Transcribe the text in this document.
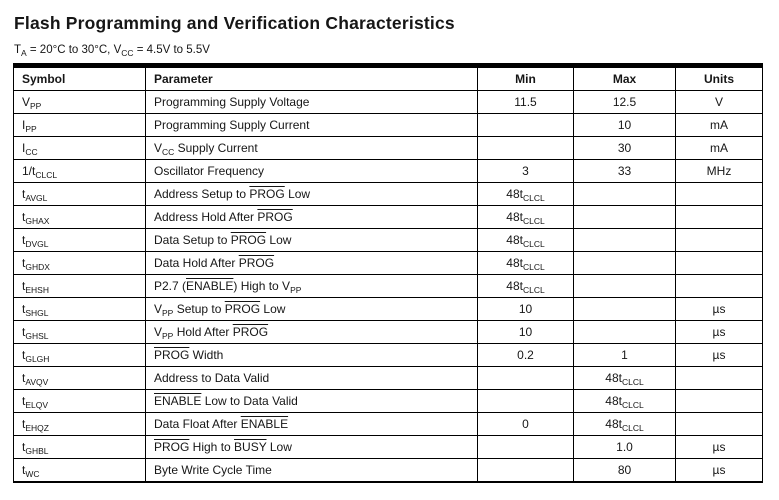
Flash Programming and Verification Characteristics
$T_A = 20^\circ C$ to 30°C, $V_{CC} = 4.5V$ to 5.5V
Symbol	Parameter	Min	Max	Units
$V_{PP}$	Programming Supply Voltage	11.5	12.5	V
$I_{PP}$	Programming Supply Current		10	mA
$I_{CC}$	$V_{CC}$ Supply Current		30	mA
$1/t_{CLCL}$	Oscillator Frequency	3	33	MHz
$t_{AVGL}$	Address Setup to PROG Low	$48t_{CLCL}$		
$t_{GHAX}$	Address Hold After PROG	$48t_{CLCL}$		
$t_{DVGL}$	Data Setup to PROG Low	$48t_{CLCL}$		
$t_{GHDX}$	Data Hold After PROG	$48t_{CLCL}$		
$t_{EHSH}$	P2.7 (ENABLE) High to $V_{PP}$	$48t_{CLCL}$		
$t_{SHGL}$	$V_{PP}$ Setup to PROG Low	10		µs
$t_{GHSL}$	$V_{PP}$ Hold After PROG	10		µs
$t_{GLGH}$	PROG Width	0.2	1	µs
$t_{AVQV}$	Address to Data Valid		$48t_{CLCL}$	
$t_{ELQV}$	ENABLE Low to Data Valid		$48t_{CLCL}$	
$t_{EHQZ}$	Data Float After ENABLE	0	$48t_{CLCL}$	
$t_{GHBL}$	PROG High to BUSY Low		1.0	µs
$t_{WC}$	Byte Write Cycle Time		80	µs
